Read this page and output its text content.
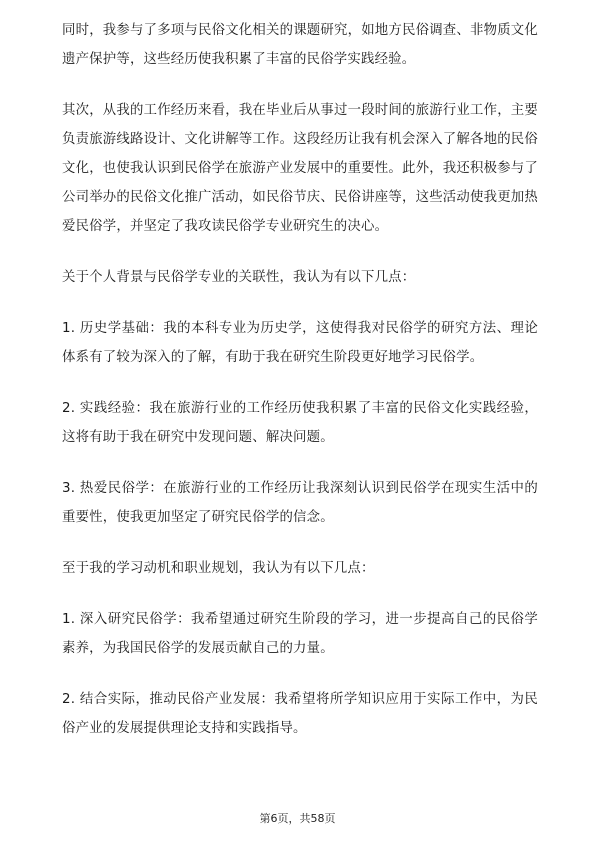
同时，我参与了多项与民俗文化相关的课题研究，如地方民俗调查、非物质文化遗产保护等，这些经历使我积累了丰富的民俗学实践经验。

其次，从我的工作经历来看，我在毕业后从事过一段时间的旅游行业工作，主要负责旅游线路设计、文化讲解等工作。这段经历让我有机会深入了解各地的民俗文化，也使我认识到民俗学在旅游产业发展中的重要性。此外，我还积极参与了公司举办的民俗文化推广活动，如民俗节庆、民俗讲座等，这些活动使我更加热爱民俗学，并坚定了我攻读民俗学专业研究生的决心。

关于个人背景与民俗学专业的关联性，我认为有以下几点：

1. 历史学基础：我的本科专业为历史学，这使得我对民俗学的研究方法、理论体系有了较为深入的了解，有助于我在研究生阶段更好地学习民俗学。

2. 实践经验：我在旅游行业的工作经历使我积累了丰富的民俗文化实践经验，这将有助于我在研究中发现问题、解决问题。

3. 热爱民俗学：在旅游行业的工作经历让我深刻认识到民俗学在现实生活中的重要性，使我更加坚定了研究民俗学的信念。

至于我的学习动机和职业规划，我认为有以下几点：

1. 深入研究民俗学：我希望通过研究生阶段的学习，进一步提高自己的民俗学素养，为我国民俗学的发展贡献自己的力量。

2. 结合实际，推动民俗产业发展：我希望将所学知识应用于实际工作中，为民俗产业的发展提供理论支持和实践指导。

第6页，共58页
